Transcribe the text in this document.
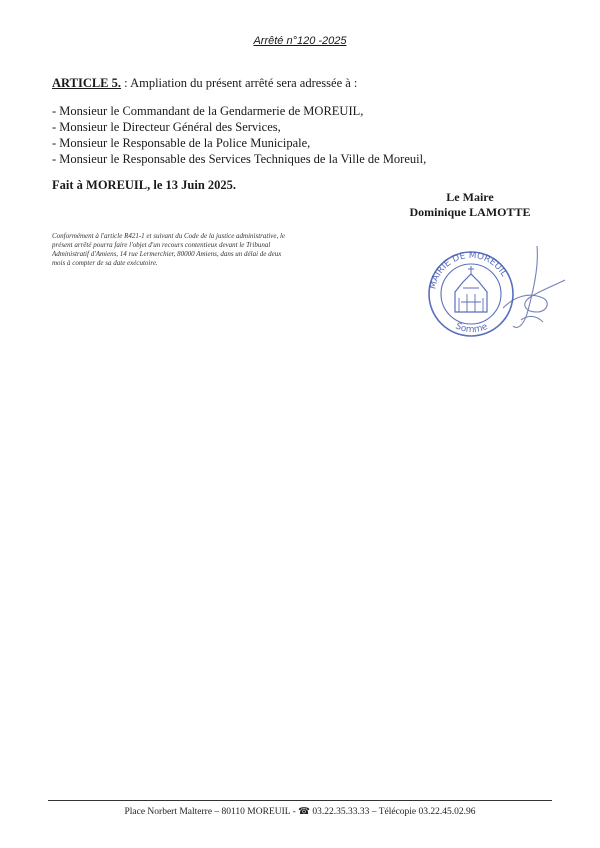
Arrêté n°120 -2025
ARTICLE 5. : Ampliation du présent arrêté sera adressée à :
- Monsieur le Commandant de la Gendarmerie de MOREUIL,
- Monsieur le Directeur Général des Services,
- Monsieur le Responsable de la Police Municipale,
- Monsieur le Responsable des Services Techniques de la Ville de Moreuil,
Fait à MOREUIL, le 13 Juin 2025.
Le Maire
Dominique LAMOTTE
Conformément à l'article R421-1 et suivant du Code de la justice administrative, le
présent arrêté pourra faire l'objet d'un recours contentieux devant le Tribunal
Administratif d'Amiens, 14 rue Lermerchier, 80000 Amiens, dans un délai de deux
mois à compter de sa date exécutoire.
MAIRIE DE MOREUIL
Somme
Place Norbert Malterre – 80110 MOREUIL - ☎ 03.22.35.33.33 – Télécopie 03.22.45.02.96
